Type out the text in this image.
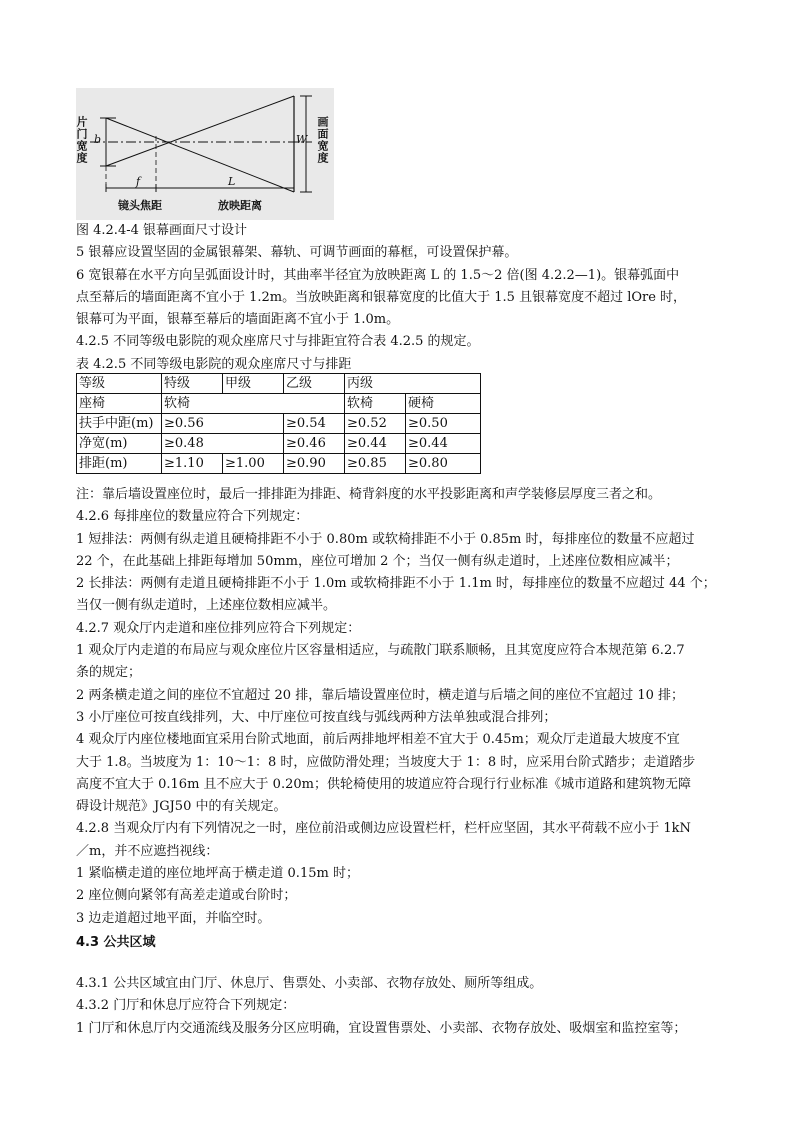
片门宽度	画面宽度
b	W
f	L
镜头焦距	放映距离
图 4.2.4-4 银幕画面尺寸设计
5 银幕应设置坚固的金属银幕架、幕轨、可调节画面的幕框，可设置保护幕。
6 宽银幕在水平方向呈弧面设计时，其曲率半径宜为放映距离 L 的 1.5～2 倍(图 4.2.2—1)。银幕弧面中
点至幕后的墙面距离不宜小于 1.2m。当放映距离和银幕宽度的比值大于 1.5 且银幕宽度不超过 lOre 时，
银幕可为平面，银幕至幕后的墙面距离不宜小于 1.0m。
4.2.5 不同等级电影院的观众座席尺寸与排距宜符合表 4.2.5 的规定。
表 4.2.5 不同等级电影院的观众座席尺寸与排距
等级	特级	甲级	乙级	丙级	
座椅	软椅			软椅	硬椅
扶手中距(m)	≥0.56		≥0.54	≥0.52	≥0.50
净宽(m)	≥0.48		≥0.46	≥0.44	≥0.44
排距(m)	≥1.10	≥1.00	≥0.90	≥0.85	≥0.80
注：靠后墙设置座位时，最后一排排距为排距、椅背斜度的水平投影距离和声学装修层厚度三者之和。
4.2.6 每排座位的数量应符合下列规定：
1 短排法：两侧有纵走道且硬椅排距不小于 0.80m 或软椅排距不小于 0.85m 时，每排座位的数量不应超过
22 个，在此基础上排距每增加 50mm，座位可增加 2 个；当仅一侧有纵走道时，上述座位数相应减半；
2 长排法：两侧有走道且硬椅排距不小于 1.0m 或软椅排距不小于 1.1m 时，每排座位的数量不应超过 44 个；
当仅一侧有纵走道时，上述座位数相应减半。
4.2.7 观众厅内走道和座位排列应符合下列规定：
1 观众厅内走道的布局应与观众座位片区容量相适应，与疏散门联系顺畅，且其宽度应符合本规范第 6.2.7
条的规定；
2 两条横走道之间的座位不宜超过 20 排，靠后墙设置座位时，横走道与后墙之间的座位不宜超过 10 排；
3 小厅座位可按直线排列，大、中厅座位可按直线与弧线两种方法单独或混合排列；
4 观众厅内座位楼地面宜采用台阶式地面，前后两排地坪相差不宜大于 0.45m；观众厅走道最大坡度不宜
大于 1.8。当坡度为 1：10～1：8 时，应做防滑处理；当坡度大于 1：8 时，应采用台阶式踏步；走道踏步
高度不宜大于 0.16m 且不应大于 0.20m；供轮椅使用的坡道应符合现行行业标准《城市道路和建筑物无障
碍设计规范》JGJ50 中的有关规定。
4.2.8 当观众厅内有下列情况之一时，座位前沿或侧边应设置栏杆，栏杆应坚固，其水平荷载不应小于 1kN
／m，并不应遮挡视线：
1 紧临横走道的座位地坪高于横走道 0.15m 时；
2 座位侧向紧邻有高差走道或台阶时；
3 边走道超过地平面，并临空时。
4.3 公共区域
4.3.1 公共区域宜由门厅、休息厅、售票处、小卖部、衣物存放处、厕所等组成。
4.3.2 门厅和休息厅应符合下列规定：
1 门厅和休息厅内交通流线及服务分区应明确，宜设置售票处、小卖部、衣物存放处、吸烟室和监控室等；
